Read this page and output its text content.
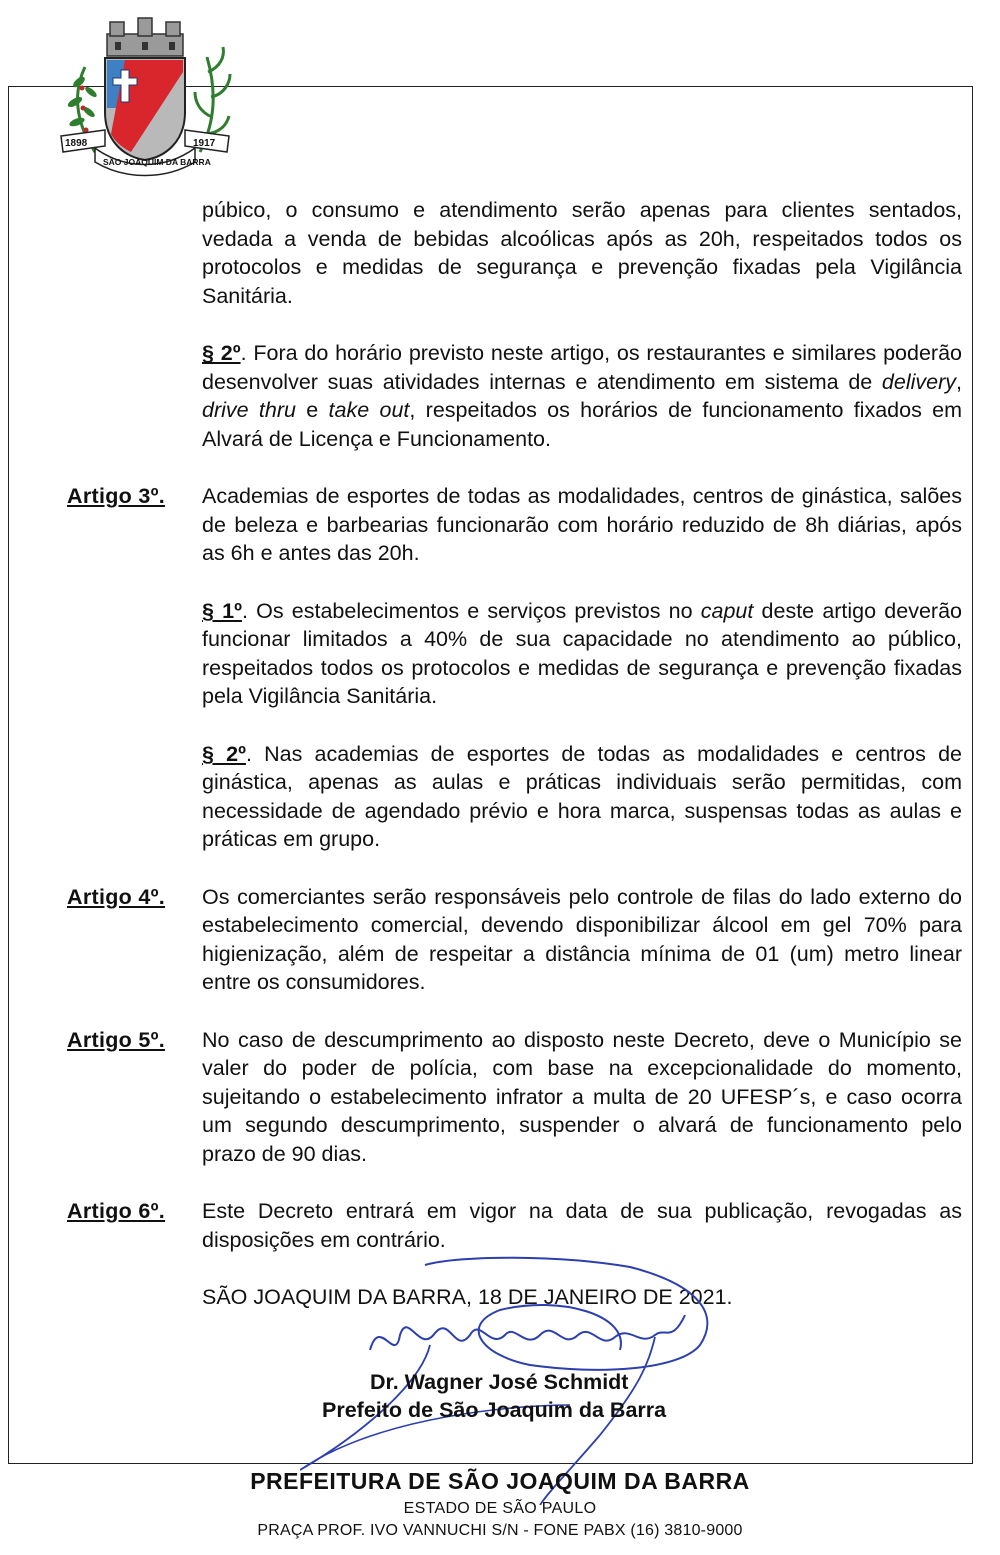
1898	1917
SÃO JOAQUIM DA BARRA
púbico, o consumo e atendimento serão apenas para clientes sentados, vedada a venda de bebidas alcoólicas após as 20h, respeitados todos os protocolos e medidas de segurança e prevenção fixadas pela Vigilância Sanitária.
§ 2º. Fora do horário previsto neste artigo, os restaurantes e similares poderão desenvolver suas atividades internas e atendimento em sistema de delivery, drive thru e take out, respeitados os horários de funcionamento fixados em Alvará de Licença e Funcionamento.
Artigo 3º. Academias de esportes de todas as modalidades, centros de ginástica, salões de beleza e barbearias funcionarão com horário reduzido de 8h diárias, após as 6h e antes das 20h.
§ 1º. Os estabelecimentos e serviços previstos no caput deste artigo deverão funcionar limitados a 40% de sua capacidade no atendimento ao público, respeitados todos os protocolos e medidas de segurança e prevenção fixadas pela Vigilância Sanitária.
§ 2º. Nas academias de esportes de todas as modalidades e centros de ginástica, apenas as aulas e práticas individuais serão permitidas, com necessidade de agendado prévio e hora marca, suspensas todas as aulas e práticas em grupo.
Artigo 4º. Os comerciantes serão responsáveis pelo controle de filas do lado externo do estabelecimento comercial, devendo disponibilizar álcool em gel 70% para higienização, além de respeitar a distância mínima de 01 (um) metro linear entre os consumidores.
Artigo 5º. No caso de descumprimento ao disposto neste Decreto, deve o Município se valer do poder de polícia, com base na excepcionalidade do momento, sujeitando o estabelecimento infrator a multa de 20 UFESP´s, e caso ocorra um segundo descumprimento, suspender o alvará de funcionamento pelo prazo de 90 dias.
Artigo 6º. Este Decreto entrará em vigor na data de sua publicação, revogadas as disposições em contrário.
SÃO JOAQUIM DA BARRA, 18 DE JANEIRO DE 2021.
Dr. Wagner José Schmidt
Prefeito de São Joaquim da Barra
PREFEITURA DE SÃO JOAQUIM DA BARRA
ESTADO DE SÃO PAULO
PRAÇA PROF. IVO VANNUCHI S/N - FONE PABX (16) 3810-9000
